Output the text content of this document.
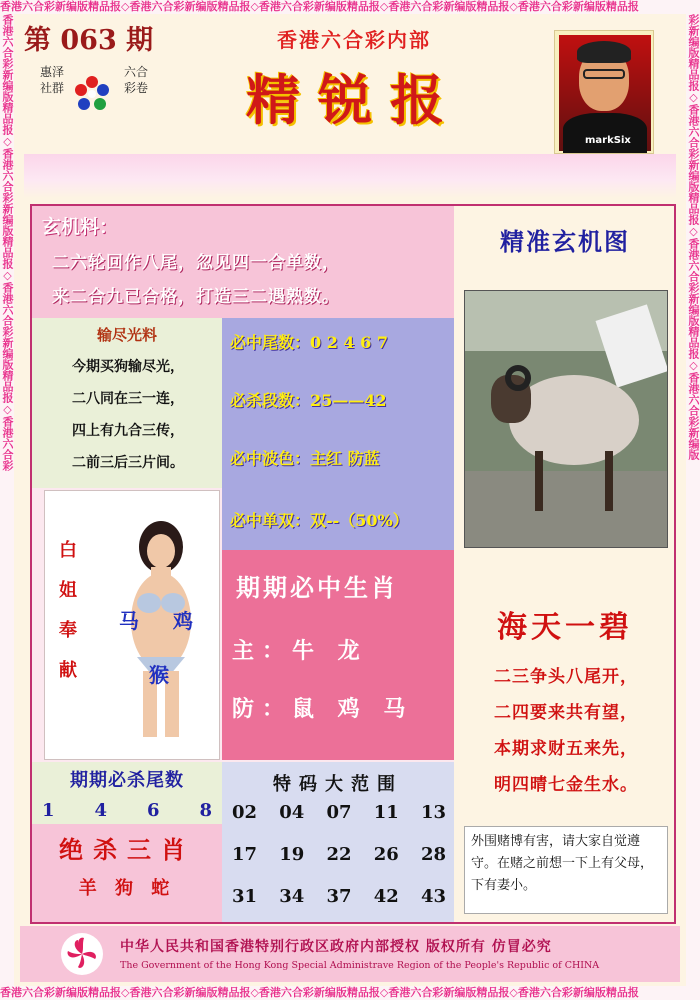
香港六合彩新编版精品报◇香港六合彩新编版精品报◇香港六合彩新编版精品报◇香港六合彩新编版精品报◇香港六合彩新编版精品报
香港六合彩新编版精品报◇香港六合彩新编版精品报◇香港六合彩新编版精品报◇香港六合彩	彩新编版精品报◇香港六合彩新编版精品报◇香港六合彩新编版精品报◇香港六合彩新编版
香港六合彩新编版精品报◇香港六合彩新编版精品报◇香港六合彩新编版精品报◇香港六合彩新编版精品报◇香港六合彩新编版精品报
第 063 期
惠泽社群
六合彩卷
香港六合彩内部
精锐报
markSix
玄机料：
二六轮回作八尾，忽见四一合单数，
来二合九已合格，打造三二遇熟数。
输尽光料
今期买狗输尽光，
二八同在三一连，
四上有九合三传，
二前三后三片间。
必中尾数：0 2 4 6 7
必杀段数：25——42
必中波色：主红 防蓝
必中单双：双--（50%）
白
姐
奉
献
马 鸡
猴
期期必中生肖
主：牛 龙
防：鼠 鸡 马
期期必杀尾数
1 4 6 8
绝杀三肖
羊 狗 蛇
特码大范围
02 04 07 11 13
17 19 22 26 28
31 34 37 42 43
精准玄机图
海天一碧
二三争头八尾开，
二四要来共有望，
本期求财五来先，
明四晴七金生水。
外围赌博有害，请大家自觉遵守。在赌之前想一下上有父母，下有妻小。
中华人民共和国香港特别行政区政府内部授权 版权所有 仿冒必究
The Government of the Hong Kong Special Administrave Region of the People's Republic of CHINA
